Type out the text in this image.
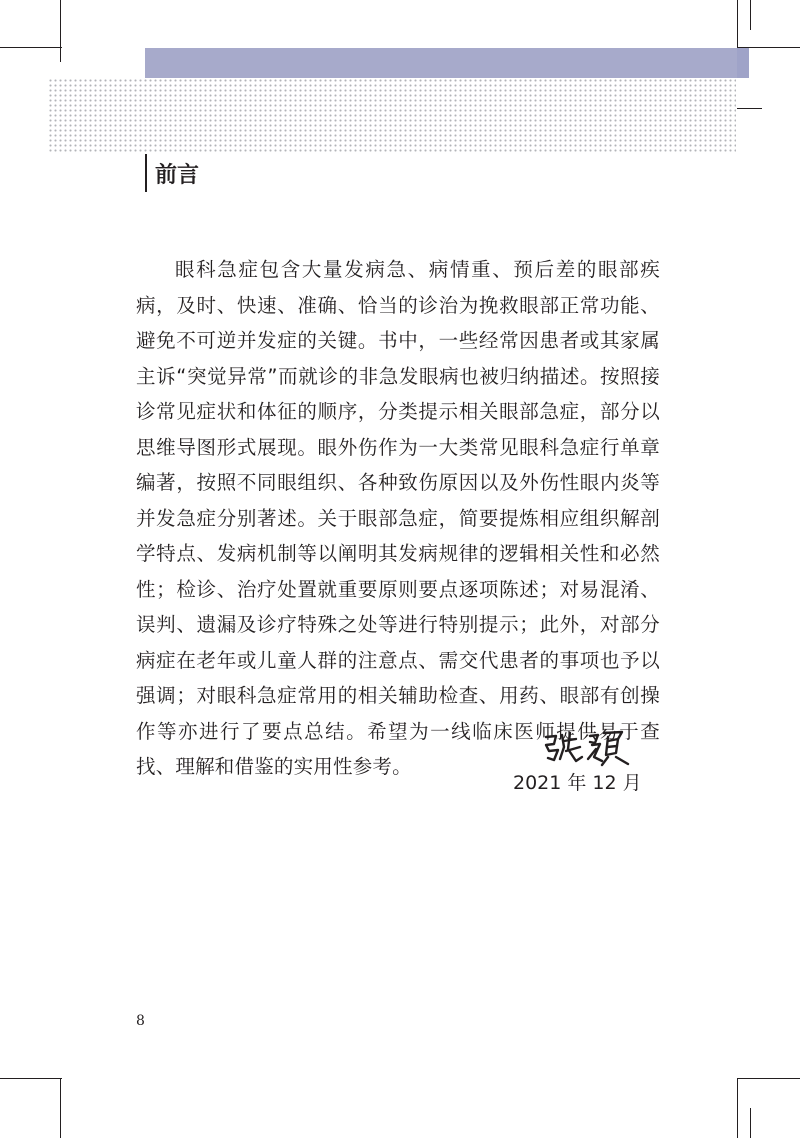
前言
眼科急症包含大量发病急、病情重、预后差的眼部疾病，及时、快速、准确、恰当的诊治为挽救眼部正常功能、避免不可逆并发症的关键。书中，一些经常因患者或其家属主诉“突觉异常”而就诊的非急发眼病也被归纳描述。按照接诊常见症状和体征的顺序，分类提示相关眼部急症，部分以思维导图形式展现。眼外伤作为一大类常见眼科急症行单章编著，按照不同眼组织、各种致伤原因以及外伤性眼内炎等并发急症分别著述。关于眼部急症，简要提炼相应组织解剖学特点、发病机制等以阐明其发病规律的逻辑相关性和必然性；检诊、治疗处置就重要原则要点逐项陈述；对易混淆、误判、遗漏及诊疗特殊之处等进行特别提示；此外，对部分病症在老年或儿童人群的注意点、需交代患者的事项也予以强调；对眼科急症常用的相关辅助检查、用药、眼部有创操作等亦进行了要点总结。希望为一线临床医师提供易于查找、理解和借鉴的实用性参考。
2021 年 12 月
8
